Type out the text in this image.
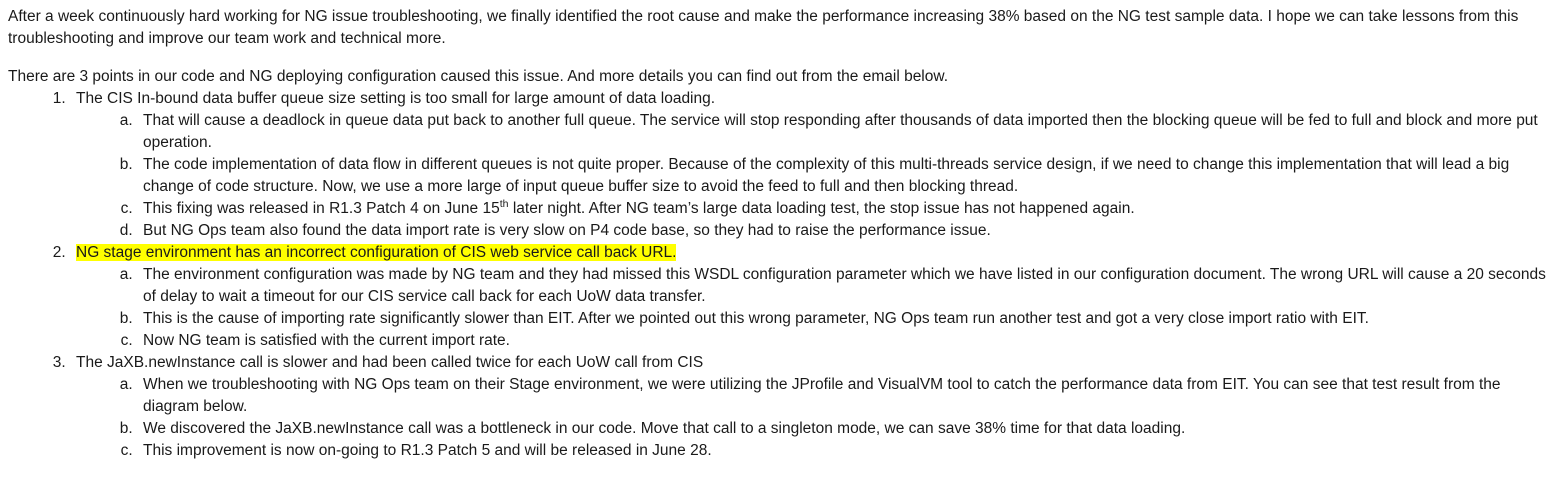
After a week continuously hard working for NG issue troubleshooting, we finally identified the root cause and make the performance increasing 38% based on the NG test sample data. I hope we can take lessons from this troubleshooting and improve our team work and technical more.

There are 3 points in our code and NG deploying configuration caused this issue. And more details you can find out from the email below.

1. The CIS In-bound data buffer queue size setting is too small for large amount of data loading.
a. That will cause a deadlock in queue data put back to another full queue. The service will stop responding after thousands of data imported then the blocking queue will be fed to full and block and more put operation.
b. The code implementation of data flow in different queues is not quite proper. Because of the complexity of this multi-threads service design, if we need to change this implementation that will lead a big change of code structure. Now, we use a more large of input queue buffer size to avoid the feed to full and then blocking thread.
c. This fixing was released in R1.3 Patch 4 on June 15th later night. After NG team’s large data loading test, the stop issue has not happened again.
d. But NG Ops team also found the data import rate is very slow on P4 code base, so they had to raise the performance issue.
2. NG stage environment has an incorrect configuration of CIS web service call back URL.
a. The environment configuration was made by NG team and they had missed this WSDL configuration parameter which we have listed in our configuration document. The wrong URL will cause a 20 seconds of delay to wait a timeout for our CIS service call back for each UoW data transfer.
b. This is the cause of importing rate significantly slower than EIT. After we pointed out this wrong parameter, NG Ops team run another test and got a very close import ratio with EIT.
c. Now NG team is satisfied with the current import rate.
3. The JaXB.newInstance call is slower and had been called twice for each UoW call from CIS
a. When we troubleshooting with NG Ops team on their Stage environment, we were utilizing the JProfile and VisualVM tool to catch the performance data from EIT. You can see that test result from the diagram below.
b. We discovered the JaXB.newInstance call was a bottleneck in our code. Move that call to a singleton mode, we can save 38% time for that data loading.
c. This improvement is now on-going to R1.3 Patch 5 and will be released in June 28.
